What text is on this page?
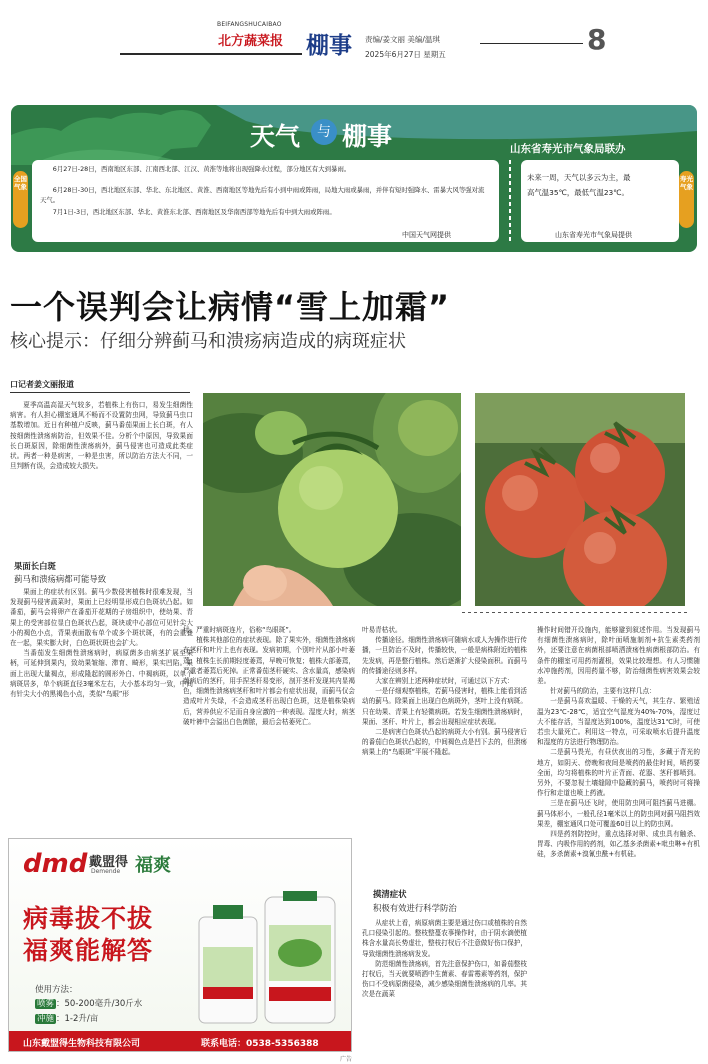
BEIFANGSHUCAIBAO
北方蔬菜报 棚事 责编/姜文丽 美编/温琪
2025年6月27日 星期五	8
天气	与 棚事	山东省寿光市气象局联办
全国气象
6月27日-28日，西南地区东部、江南西北部、江汉、黄淮等地将出现强降水过程，部分地区有大到暴雨。
6月28日-30日，西北地区东部、华北、东北地区、黄淮、西南地区等地先后有小到中雨或阵雨，局地大雨或暴雨，并伴有短时强降水、雷暴大风等强对流天气。
7月1日-3日，西北地区东部、华北、黄淮东北部、西南地区及华南西部等地先后有中到大雨或阵雨。
中国天气网提供
未来一周，天气以多云为主，最高气温35℃，最低气温23℃。
山东省寿光市气象局提供
寿光气象
一个误判会让病情“雪上加霜”
核心提示：仔细分辨蓟马和溃疡病造成的病斑症状
口记者姜文丽报道

夏季高温高湿天气较多，若植株上有伤口，易发生细菌性病害。有人担心棚室通风不畅而不设置防虫网，导致蓟马虫口基数增加。近日有种植户反映，蓟马番茄果面上长白斑，有人按细菌性溃疡病防治，但效果不佳。分析个中原因，导致果面长白斑原因，除细菌性溃疡病外，蓟马侵害也可造成此类症状。两者一种是病害，一种是虫害，所以防治方法大不同，一旦判断有误，会造成较大损失。

果面长白斑
蓟马和溃疡病都可能导致

果面上的症状有区别。蓟马少数侵害植株时很难发现，当发现蓟马侵害蔬菜时，果面上已经明显形成白色斑状凸起。如番茄，蓟马会将卵产在番茄开花期的子房组织中，使幼果、青果上的受害部位显白色斑状凸起，斑块或中心部位可见针尖大小的褐色小点，背果表面散布单个或多个斑状斑，有的会重叠在一起，果实膨大时，白色斑状斑也会扩大。

当番茄发生细菌性溃疡病时，病原菌多由病茎扩展至果柄，可延伸到果内，致幼果皱缩、滞育、畸形，果实凹陷。果面上出现大量褐点，形成隆起的圆形外白、中褐病斑，以单个病斑居多，单个病斑直径3毫米左右，大小基本均匀一致，中间有针尖大小的黑褐色小点，类似“鸟眼”形

状，严重时病斑连片，俗称“鸟眼斑”。

植株其他部位的症状表现。除了果实外，细菌性溃疡病在茎秆和叶片上也有表现。发病初期，个别叶片从部小叶萎蔫；植株生长前期轻度萎蔫，早晚可恢复；植株大部萎蔫，严重者萎蔫后死掉。正常番茄茎秆硬实、含水量高，感染病菌病后的茎秆，用手捏茎秆易变形，剖开茎秆发现其内显褐色，细菌性溃疡病茎秆和叶片都会有症状出现，而蓟马仅会造成叶片失绿，不会造成茎秆出现白色斑，这是植株染病后，营养供应不足而自身应激的一种表现。湿度大时，病茎破叶裤中会溢出白色菌脓，最后会枯萎死亡。

叶易青枯状。

传播途径。细菌性溃疡病可随病水或人为操作进行传播，一旦防治不及时，传播较快，一般是病株附近的植株先发病，再是整行植株。然后逐渐扩大侵染面积。而蓟马的传播途径则多样。

大家在辨别上述两种症状时，可通过以下方式：

一是仔细观察植株，若蓟马侵害时，植株上能看到活动的蓟马。除果面上出现白色病斑外，茎叶上没有病斑。只在幼果、青果上有轻微病斑。若发生细菌性溃疡病时，果面、茎秆、叶片上，都会出现相应症状表现。

二是病害白色斑状凸起的病斑大小有别。蓟马侵害后的番茄白色斑状凸起的，中间褐色点是凹下去的，但溃疡病果上的“鸟眼斑”平展不隆起。

摸清症状
积极有效进行科学防治

从症状上看，病原病菌主要是通过伤口或植株的自然孔口侵染引起的。整枝整蔓农事操作时，由于阴水滴使植株含水量高长势虚壮，整枝打杈后不注意做好伤口保护，导致细菌性溃疡病发发。

防范细菌性溃疡病，首先注意保护伤口，如番茄整枝打杈后，当天就要喷洒中生菌素、春雷霉素等药剂，保护伤口不受病原菌侵染，减少感染细菌性溃疡病的几率。其次是在蔬菜

操作时间错开设施内，能够避到叙述作用。当发现蓟马有细菌性溃疡病时，除叶面喷施制剂+抗生素类药剂外，还要注意在病菌根部喷洒溃疡性病菌根部防治。有条件的棚室可用药剂灌根，效果比较理想。有人习惯随水冲施药剂，因用药量不够，防治细菌性病害效果会较差。

针对蓟马的防治，主要有这样几点：

一是蓟马喜欢温暖、干燥的天气，其生存、繁殖适温为23℃-28℃，适宜空气湿度为40%-70%，湿度过大不能存活，当湿度达到100%，温度达31℃时，可使若虫大量死亡。利用这一特点，可采取喷水后提升温度和湿度的方法进行物理防治。

二是蓟马畏光，有昼伏夜出的习性，多藏于背光的地方，如阴天、傍晚和夜间是喷药的最佳时间，喷药要全面，均匀将植株的叶片正背面、花器、茎秆都喷到。另外，不要忽视土壤缝隙中隐藏的蓟马，喷药时可将操作行和走道也喷上药液。

三是在蓟马还飞时，使用防虫网可阻挡蓟马进棚。蓟马体形小，一般孔径1毫米以上的防虫网对蓟马阻挡效果差，棚室通风口处可覆盖60目以上的防虫网。

四是药剂防控时，重点选择对卵、成虫具有触杀、胃毒、内吸作用的药剂，如乙基多杀菌素+吡虫啉+有机硅，多杀菌素+溴氰虫酰+有机硅。

dmd 戴盟得
Demende 福爽
病毒拔不拔
福爽能解答
使用方法：
喷雾 ：50-200毫升/30斤水
冲施 ：1-2升/亩
山东戴盟得生物科技有限公司	联系电话：0538-5356388
广告
